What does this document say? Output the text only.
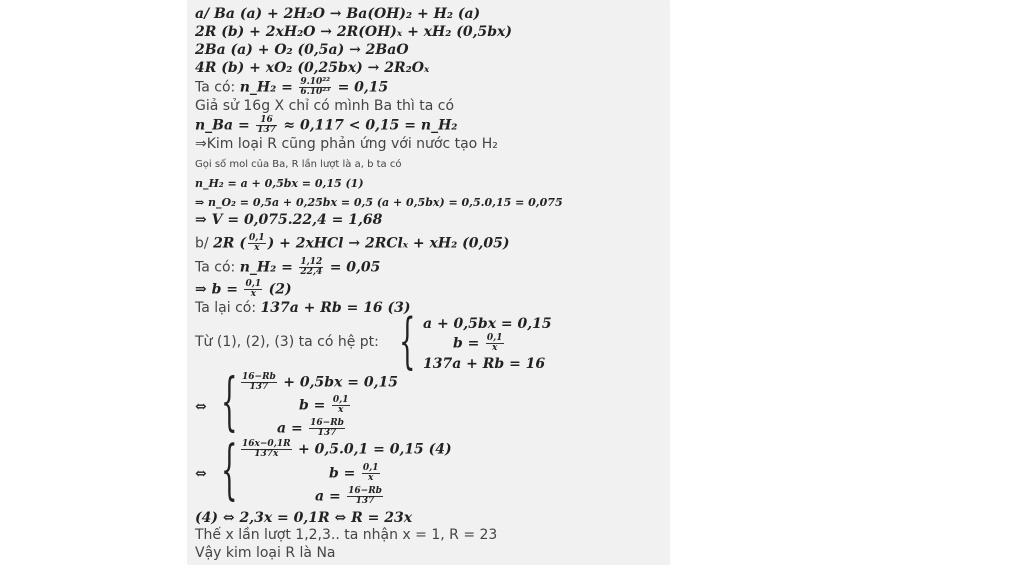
a/ Ba (a) + 2H₂O → Ba(OH)₂ + H₂ (a)
2R (b) + 2xH₂O → 2R(OH)ₓ + xH₂ (0,5bx)
2Ba (a) + O₂ (0,5a) → 2BaO
4R (b) + xO₂ (0,25bx) → 2R₂Oₓ
Ta có: n_H₂ = $\frac{\text{9.10²²}}{\text{6.10²³}} = 0,15$
Giả sử 16g X chỉ có mình Ba thì ta có
n_Ba = $\frac{16}{137} \approx 0,117 < 0,15$ = n_H₂
⇒Kim loại R cũng phản ứng với nước tạo H₂
Gọi số mol của Ba, R lần lượt là a, b ta có
n_H₂ = a + 0,5bx = 0,15 (1)
⇒ n_O₂ = 0,5a + 0,25bx = 0,5 (a + 0,5bx) = 0,5.0,15 = 0,075
⇒ V = 0,075.22,4 = 1,68
b/ 2R ( $\frac{0,1}{x}$ ) + 2xHCl → 2RClₓ + xH₂ (0,05)
Ta có: n_H₂ = $\frac{1,12}{22,4} = 0,05$
⇒ $b = \frac{0,1}{x} (2)$
Ta lại có: 137a + Rb = 16 (3)
Từ (1), (2), (3) ta có hệ pt: { a + 0,5bx = 0,15
$b = \frac{0,1}{x}$
137a + Rb = 16
⇔ { $\frac{16-Rb}{137} + 0,5bx = 0,15$
$b = \frac{0,1}{x}$
$a = \frac{16-Rb}{137}$
⇔ { $\frac{16x-0,1R}{137x} + 0,5.0,1 = 0,15$ (4)
$b = \frac{0,1}{x}$
$a = \frac{16-Rb}{137}$
(4) ⇔ 2,3x = 0,1R ⇔ R = 23x
Thế x lần lượt 1,2,3.. ta nhận x = 1, R = 23
Vậy kim loại R là Na
